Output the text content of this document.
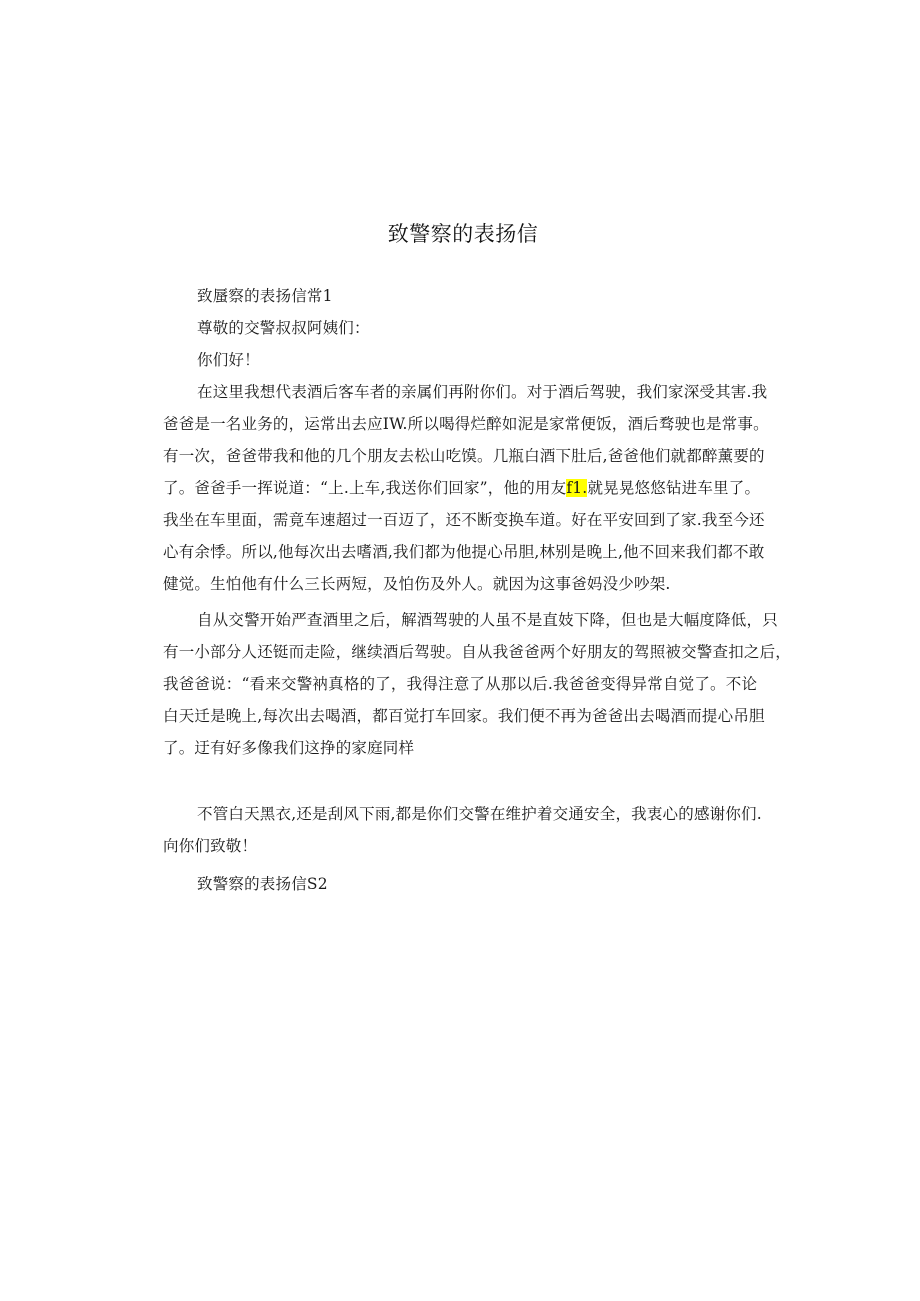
致警察的表扬信
致蜃察的表扬信常1
尊敬的交警叔叔阿姨们：
你们好！
在这里我想代表酒后客车者的亲属们再附你们。对于酒后驾驶，我们家深受其害.我
爸爸是一名业务的，运常出去应IW.所以喝得烂醉如泥是家常便饭，酒后骛驶也是常事。
有一次，爸爸带我和他的几个朋友去松山吃馍。几瓶白酒下肚后,爸爸他们就都醉薰要的
了。爸爸手一挥说道：“上.上车,我送你们回家”，他的用友f1.就晃晃悠悠钻进车里了。
我坐在车里面，需竟车速超过一百迈了，还不断变换车道。好在平安回到了家.我至今还
心有余悸。所以,他每次出去嗜酒,我们都为他提心吊胆,林别是晚上,他不回来我们都不敢
健觉。生怕他有什么三长两短，及怕伤及外人。就因为这事爸妈没少吵架.
自从交警开始严查酒里之后，解酒驾驶的人虽不是直妓下降，但也是大幅度降低，只
有一小部分人还铤而走险，继续酒后驾驶。自从我爸爸两个好朋友的驾照被交警查扣之后，
我爸爸说：“看来交警衲真格的了，我得注意了从那以后.我爸爸变得异常自觉了。不论
白天迁是晚上,每次出去喝酒，都百觉打车回家。我们便不再为爸爸出去喝酒而提心吊胆
了。迂有好多像我们这挣的家庭同样
不管白天黑衣,还是刮风下雨,都是你们交警在维护着交通安全，我衷心的感谢你们.
向你们致敬！
致警察的表扬信S2
